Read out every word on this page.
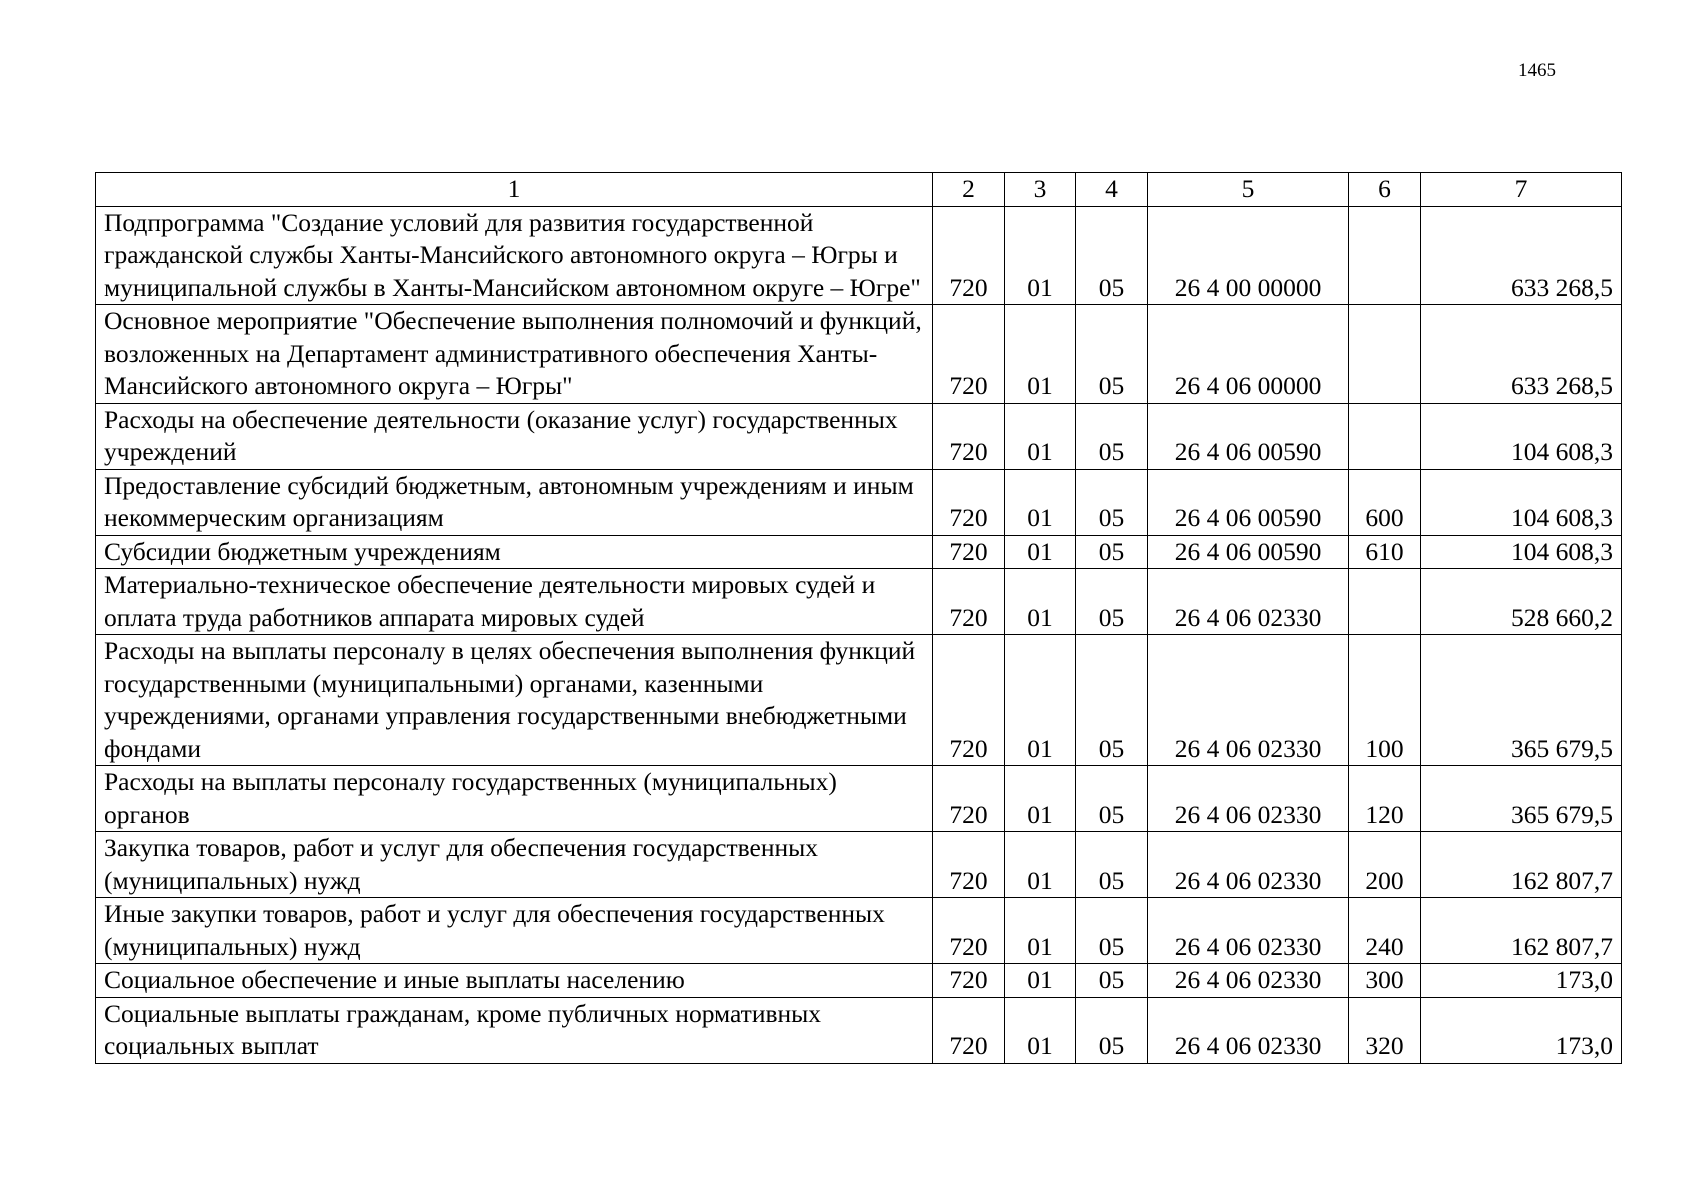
1465
1	2	3	4	5	6	7
Подпрограмма "Создание условий для развития государственной гражданской службы Ханты-Мансийского автономного округа – Югры и муниципальной службы в Ханты-Мансийском автономном округе – Югре"	720	01	05	26 4 00 00000		633 268,5
Основное мероприятие "Обеспечение выполнения полномочий и функций, возложенных на Департамент административного обеспечения Ханты-Мансийского автономного округа – Югры"	720	01	05	26 4 06 00000		633 268,5
Расходы на обеспечение деятельности (оказание услуг) государственных учреждений	720	01	05	26 4 06 00590		104 608,3
Предоставление субсидий бюджетным, автономным учреждениям и иным некоммерческим организациям	720	01	05	26 4 06 00590	600	104 608,3
Субсидии бюджетным учреждениям	720	01	05	26 4 06 00590	610	104 608,3
Материально-техническое обеспечение деятельности мировых судей и оплата труда работников аппарата мировых судей	720	01	05	26 4 06 02330		528 660,2
Расходы на выплаты персоналу в целях обеспечения выполнения функций государственными (муниципальными) органами, казенными учреждениями, органами управления государственными внебюджетными фондами	720	01	05	26 4 06 02330	100	365 679,5
Расходы на выплаты персоналу государственных (муниципальных) органов	720	01	05	26 4 06 02330	120	365 679,5
Закупка товаров, работ и услуг для обеспечения государственных (муниципальных) нужд	720	01	05	26 4 06 02330	200	162 807,7
Иные закупки товаров, работ и услуг для обеспечения государственных (муниципальных) нужд	720	01	05	26 4 06 02330	240	162 807,7
Социальное обеспечение и иные выплаты населению	720	01	05	26 4 06 02330	300	173,0
Социальные выплаты гражданам, кроме публичных нормативных социальных выплат	720	01	05	26 4 06 02330	320	173,0
